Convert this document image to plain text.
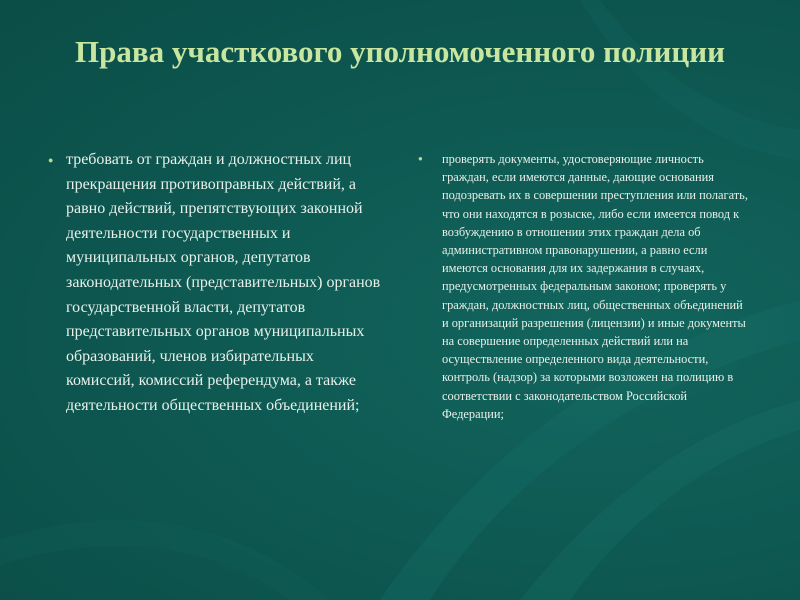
Права участкового уполномоченного полиции
● требовать от граждан и должностных лиц прекращения противоправных действий, а равно действий, препятствующих законной деятельности государственных и муниципальных органов, депутатов законодательных (представительных) органов государственной власти, депутатов представительных органов муниципальных образований, членов избирательных комиссий, комиссий референдума, а также деятельности общественных объединений;
●	проверять документы, удостоверяющие личность граждан, если имеются данные, дающие основания подозревать их в совершении преступления или полагать, что они находятся в розыске, либо если имеется повод к возбуждению в отношении этих граждан дела об административном правонарушении, а равно если имеются основания для их задержания в случаях, предусмотренных федеральным законом; проверять у граждан, должностных лиц, общественных объединений и организаций разрешения (лицензии) и иные документы на совершение определенных действий или на осуществление определенного вида деятельности, контроль (надзор) за которыми возложен на полицию в соответствии с законодательством Российской Федерации;
